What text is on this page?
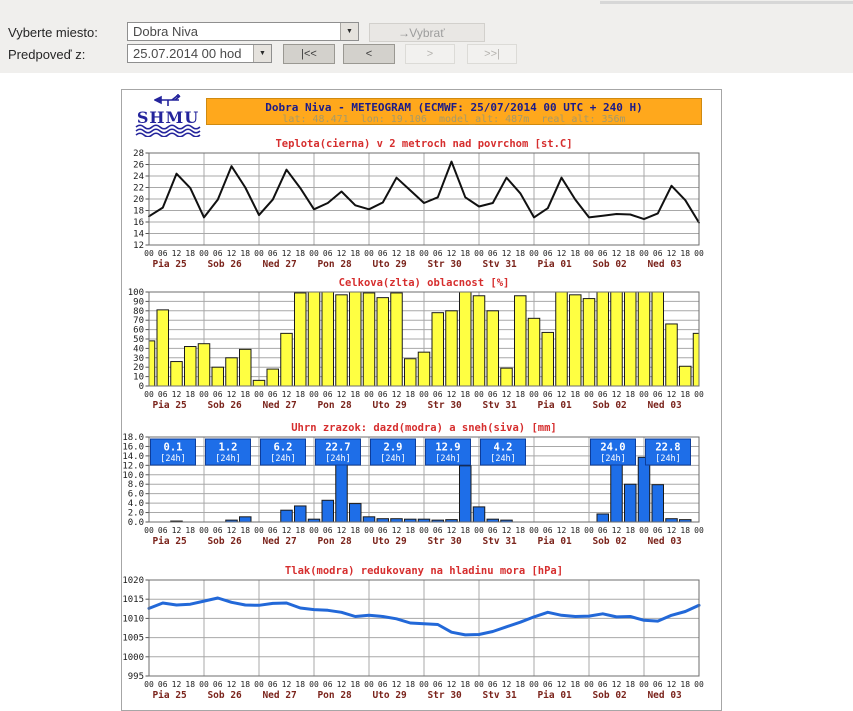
Vyberte miesto:	Dobra Niva	▼	→ Vybrať
Predpoveď z:	25.07.2014 00 hod	▼	|<<	<	>	>>|
28
26
24
22
20
18
16
14
12
00 06 12 18 00 06 12 18 00 06 12 18 00 06 12 18 00 06 12 18 00 06 12 18 00 06 12 18 00 06 12 18 00 06 12 18 00 06 12 18 00
Pia 25 Sob 26 Ned 27 Pon 28 Uto 29 Str 30 Stv 31 Pia 01 Sob 02 Ned 03
Teplota(cierna) v 2 metroch nad povrchom [st.C]
100
90
80
70
60
50
40
30
20
10
0
00 06 12 18 00 06 12 18 00 06 12 18 00 06 12 18 00 06 12 18 00 06 12 18 00 06 12 18 00 06 12 18 00 06 12 18 00 06 12 18 00
Pia 25 Sob 26 Ned 27 Pon 28 Uto 29 Str 30 Stv 31 Pia 01 Sob 02 Ned 03
Celkova(zlta) oblacnost [%]
18.0
16.0
14.0
12.0
10.0
8.0
6.0
4.0
2.0
0.0
00 06 12 18 00 06 12 18 00 06 12 18 00 06 12 18 00 06 12 18 00 06 12 18 00 06 12 18 00 06 12 18 00 06 12 18 00 06 12 18 00
Pia 25 Sob 26 Ned 27 Pon 28 Uto 29 Str 30 Stv 31 Pia 01 Sob 02 Ned 03
Uhrn zrazok: dazd(modra) a sneh(siva) [mm]
0.1
[24h]
1.2
[24h]
6.2
[24h]
22.7
[24h]
2.9
[24h]
12.9
[24h]
4.2
[24h]
24.0
[24h]
22.8
[24h]
1020
1015
1010
1005
1000
995
00 06 12 18 00 06 12 18 00 06 12 18 00 06 12 18 00 06 12 18 00 06 12 18 00 06 12 18 00 06 12 18 00 06 12 18 00 06 12 18 00
Pia 25 Sob 26 Ned 27 Pon 28 Uto 29 Str 30 Stv 31 Pia 01 Sob 02 Ned 03
Tlak(modra) redukovany na hladinu mora [hPa]
SHMU
Dobra Niva - METEOGRAM (ECMWF: 25/07/2014 00 UTC + 240 H)
lat: 48.471  lon: 19.106  model_alt: 487m  real_alt: 356m
